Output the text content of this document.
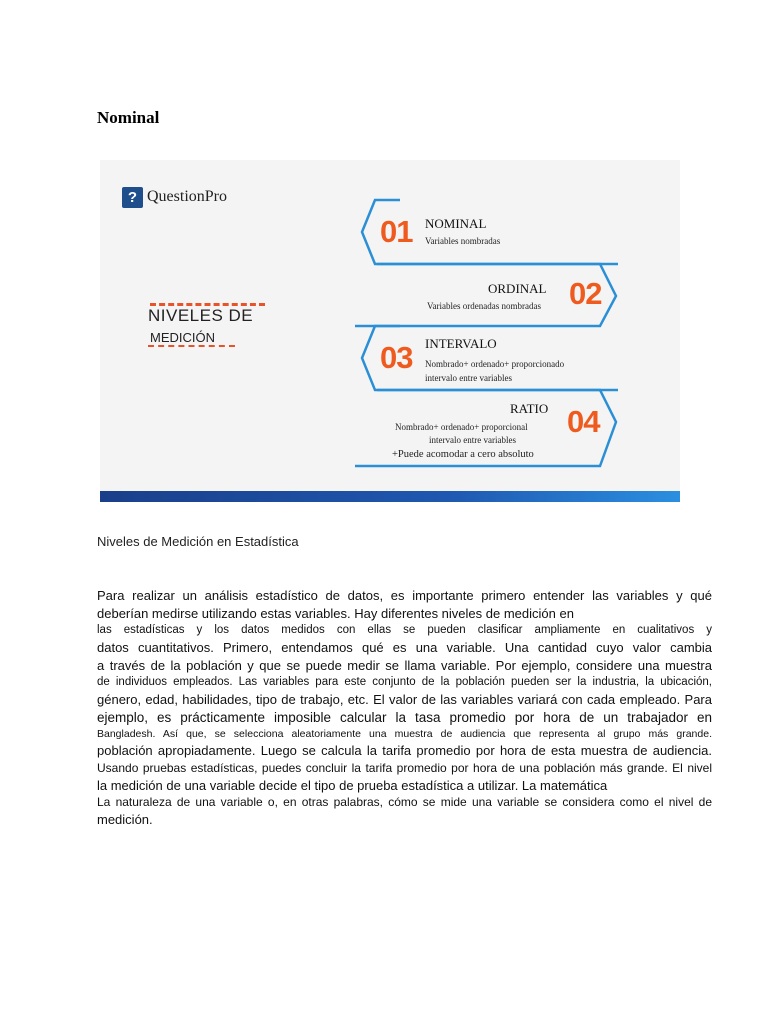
Nominal
? QuestionPro
NIVELES DE
MEDICIÓN
01 NOMINAL
Variables nombradas
ORDINAL
Variables ordenadas nombradas 02
03 INTERVALO
Nombrado+ ordenado+ proporcionado
intervalo entre variables
RATIO
Nombrado+ ordenado+ proporcional
intervalo entre variables
+Puede acomodar a cero absoluto
04
Niveles de Medición en Estadística

Para realizar un análisis estadístico de datos, es importante primero entender las variables y qué

deberían medirse utilizando estas variables. Hay diferentes niveles de medición en

las estadísticas y los datos medidos con ellas se pueden clasificar ampliamente en cualitativos y

datos cuantitativos. Primero, entendamos qué es una variable. Una cantidad cuyo valor cambia

a través de la población y que se puede medir se llama variable. Por ejemplo, considere una muestra

de individuos empleados. Las variables para este conjunto de la población pueden ser la industria, la ubicación,

género, edad, habilidades, tipo de trabajo, etc. El valor de las variables variará con cada empleado. Para

ejemplo, es prácticamente imposible calcular la tasa promedio por hora de un trabajador en

Bangladesh. Así que, se selecciona aleatoriamente una muestra de audiencia que representa al grupo más grande.

población apropiadamente. Luego se calcula la tarifa promedio por hora de esta muestra de audiencia.

Usando pruebas estadísticas, puedes concluir la tarifa promedio por hora de una población más grande. El nivel

la medición de una variable decide el tipo de prueba estadística a utilizar. La matemática

La naturaleza de una variable o, en otras palabras, cómo se mide una variable se considera como el nivel de

medición.
